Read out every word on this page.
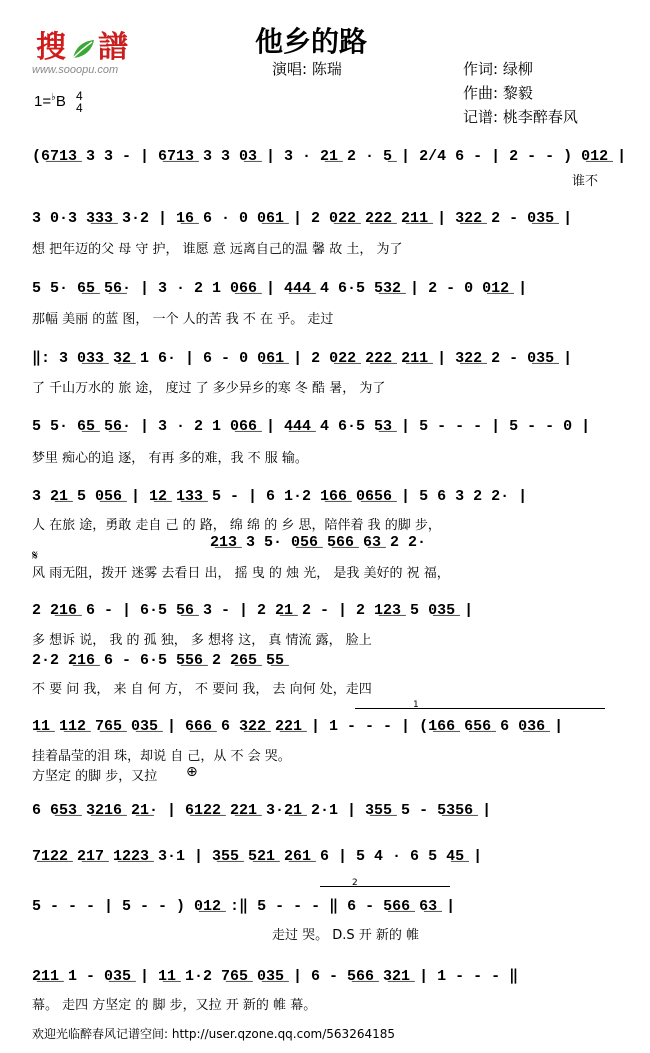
搜 譜
www.sooopu.com
他乡的路
演唱: 陈瑞	作词: 绿柳
作曲: 黎毅
记谱: 桃李醉春风
1=♭B 4
4
(6̲7̲1̲3̲ 3 3 - | 6̲7̲1̲3̲ 3 3 0̲3̲ | 3 · 2̲1̲ 2 · 5̲ | 2/4 6 - | 2 - - ) 0̲1̲2̲ |
谁不
3 0·3 3̲3̲3̲ 3·2 | 1̲6̲ 6 · 0 0̲6̲1̲ | 2 0̲2̲2̲ 2̲2̲2̲ 2̲1̲1̲ | 3̲2̲2̲ 2 - 0̲3̲5̲ |
想 把年迈的父 母 守 护， 谁愿 意 远离自己的温 馨 故 土， 为了
5 5· 6̲5̲ 5̲6̲· | 3 · 2 1 0̲6̲6̲ | 4̲4̲4̲ 4 6·5 5̲3̲2̲ | 2 - 0 0̲1̲2̲ |
那幅 美丽 的蓝 图， 一个 人的苦 我 不 在 乎。 走过
‖: 3 0̲3̲3̲ 3̲2̲ 1 6· | 6 - 0 0̲6̲1̲ | 2 0̲2̲2̲ 2̲2̲2̲ 2̲1̲1̲ | 3̲2̲2̲ 2 - 0̲3̲5̲ |
了 千山万水的 旅 途， 度过 了 多少异乡的寒 冬 酷 暑， 为了
5 5· 6̲5̲ 5̲6̲· | 3 · 2 1 0̲6̲6̲ | 4̲4̲4̲ 4 6·5 5̲3̲ | 5 - - - | 5 - - 0 |
梦里 痴心的追 逐， 有再 多的难，我 不 服 输。
3 2̲1̲ 5 0̲5̲6̲ | 1̲2̲ 1̲3̲3̲ 5 - | 6 1·2 1̲6̲6̲ 0̲6̲5̲6̲ | 5 6 3 2 2· |
人 在旅 途，勇敢 走自 己 的 路， 绵 绵 的 乡 思，陪伴着 我 的脚 步，
2̲1̲3̲ 3 5· 0̲5̲6̲ 5̲6̲6̲ 6̲3̲ 2 2·
𝄋
风 雨无阻，拨开 迷雾 去看日 出， 摇 曳 的 烛 光， 是我 美好的 祝 福，
2 2̲1̲6̲ 6 - | 6·5 5̲6̲ 3 - | 2 2̲1̲ 2 - | 2 1̲2̲3̲ 5 0̲3̲5̲ |
多 想诉 说， 我 的 孤 独， 多 想将 这， 真 情流 露， 脸上
2·2 2̲1̲6̲ 6 - 6·5 5̲5̲6̲ 2 2̲6̲5̲ 5̲5̲
不 要 问 我， 来 自 何 方， 不 要问 我， 去 向何 处，走四
1
1̲1̲ 1̲1̲2̲ 7̲6̲5̲ 0̲3̲5̲ | 6̲6̲6̲ 6 3̲2̲2̲ 2̲2̲1̲ | 1 - - - | (1̲6̲6̲ 6̲5̲6̲ 6 0̲3̲6̲ |
挂着晶莹的泪 珠，却说 自 己，从 不 会 哭。
方坚定 的脚 步，又拉 ⊕
6 6̲5̲3̲ 3̲2̲1̲6̲ 2̲1̲· | 6̲1̲2̲2̲ 2̲2̲1̲ 3·2̲1̲ 2·1 | 3̲5̲5̲ 5 - 5̲3̲5̲6̲ |
7̲1̲2̲2̲ 2̲1̲7̲ 1̲2̲2̲3̲ 3·1 | 3̲5̲5̲ 5̲2̲1̲ 2̲6̲1̲ 6 | 5 4 · 6 5 4̲5̲ |
2
5 - - - | 5 - - ) 0̲1̲2̲ :‖ 5 - - - ‖ 6 - 5̲6̲6̲ 6̲3̲ |
走过 哭。 D.S 开 新的 帷
2̲1̲1̲ 1 - 0̲3̲5̲ | 1̲1̲ 1·2 7̲6̲5̲ 0̲3̲5̲ | 6 - 5̲6̲6̲ 3̲2̲1̲ | 1 - - - ‖
幕。 走四 方坚定 的 脚 步，又拉 开 新的 帷 幕。
欢迎光临醉春风记谱空间: http://user.qzone.qq.com/563264185
